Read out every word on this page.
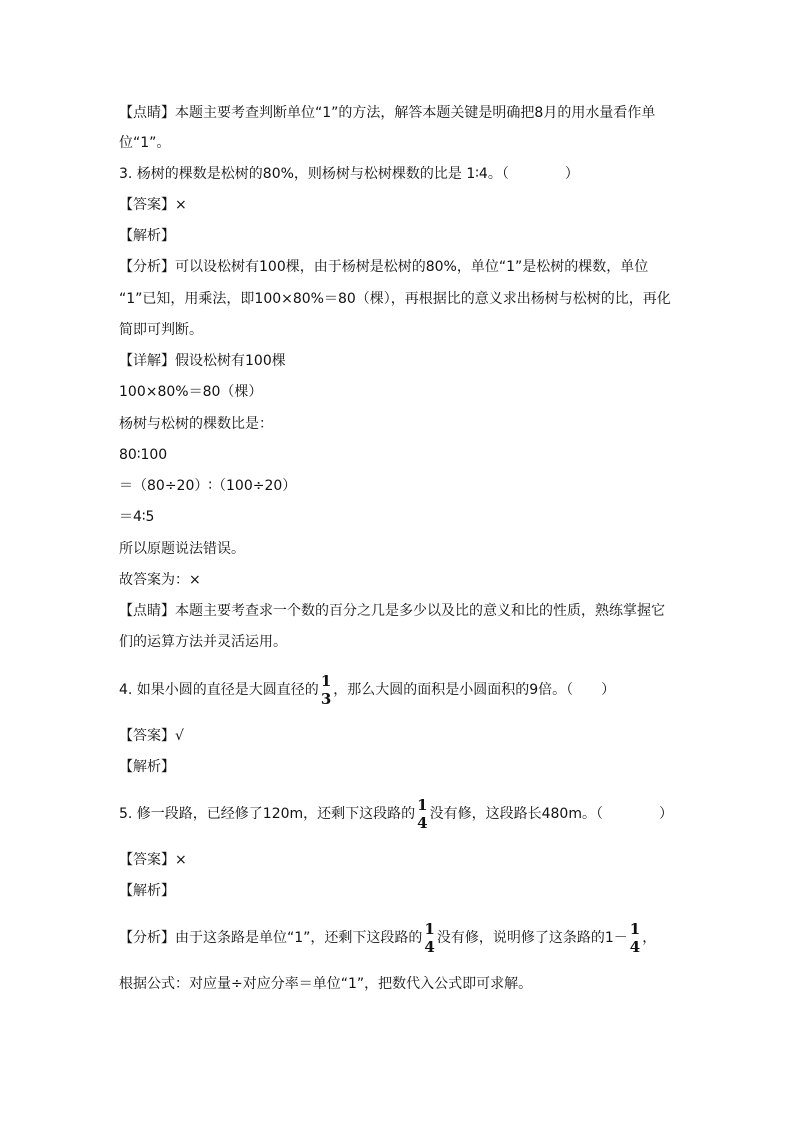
【点睛】本题主要考查判断单位“1”的方法，解答本题关键是明确把8月的用水量看作单
位“1”。
3. 杨树的棵数是松树的80%，则杨树与松树棵数的比是 1∶4。（　　　　）
【答案】×
【解析】
【分析】可以设松树有100棵，由于杨树是松树的80%，单位“1”是松树的棵数，单位
“1”已知，用乘法，即100×80%＝80（棵），再根据比的意义求出杨树与松树的比，再化
简即可判断。
【详解】假设松树有100棵
100×80%＝80（棵）
杨树与松树的棵数比是：
80∶100
＝（80÷20）∶（100÷20）
＝4∶5
所以原题说法错误。
故答案为：×
【点睛】本题主要考查求一个数的百分之几是多少以及比的意义和比的性质，熟练掌握它
们的运算方法并灵活运用。
4. 如果小圆的直径是大圆直径的
1
3 ，那么大圆的面积是小圆面积的9倍。（　　）
【答案】√
【解析】
5. 修一段路，已经修了120m，还剩下这段路的
1
4 没有修，这段路长480m。（　　　　）
【答案】×
【解析】
【分析】由于这条路是单位“1”，还剩下这段路的
1
4 没有修，说明修了这条路的1－
1
4 ，
根据公式：对应量÷对应分率＝单位“1”，把数代入公式即可求解。
